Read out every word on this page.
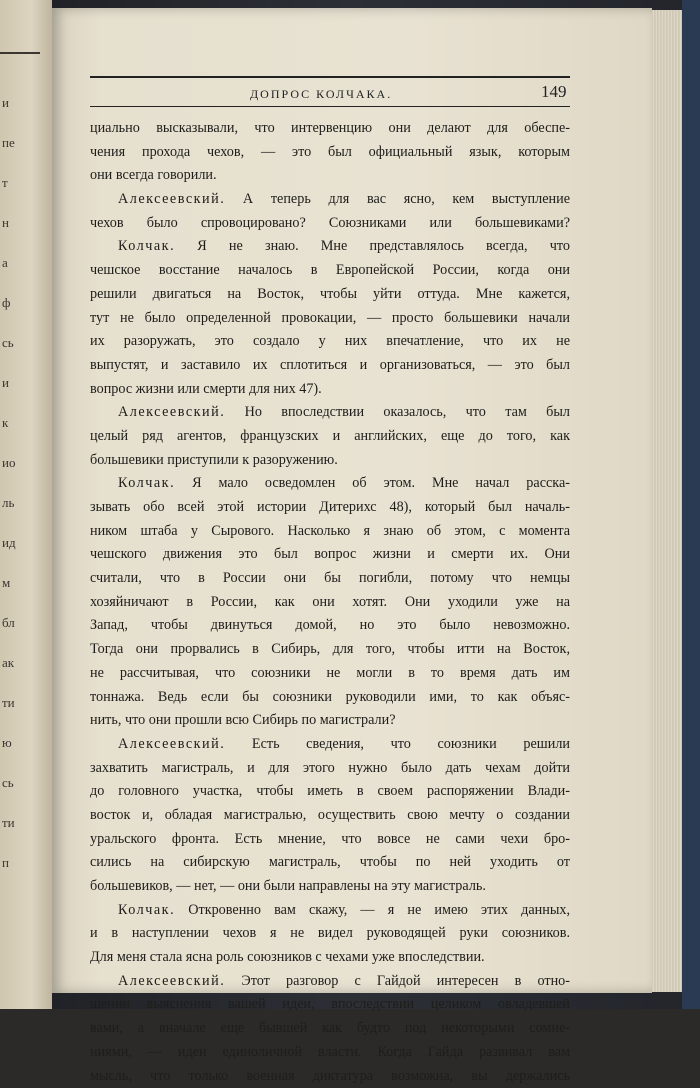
и
пе
т
н
а
ф
сь
и
к
ио
ль
ид
м
бл
ак
ти
ю
сь
ти
п
ДОПРОС КОЛЧАКА.	149
циально высказывали, что интервенцию они делают для обеспе-
чения прохода чехов, — это был официальный язык, которым
они всегда говорили.
Алексеевский. А теперь для вас ясно, кем выступление
чехов было спровоцировано? Союзниками или большевиками?
Колчак. Я не знаю. Мне представлялось всегда, что
чешское восстание началось в Европейской России, когда они
решили двигаться на Восток, чтобы уйти оттуда. Мне кажется,
тут не было определенной провокации, — просто большевики начали
их разоружать, это создало у них впечатление, что их не
выпустят, и заставило их сплотиться и организоваться, — это был
вопрос жизни или смерти для них 47).
Алексеевский. Но впоследствии оказалось, что там был
целый ряд агентов, французских и английских, еще до того, как
большевики приступили к разоружению.
Колчак. Я мало осведомлен об этом. Мне начал расска-
зывать обо всей этой истории Дитерихс 48), который был началь-
ником штаба у Сырового. Насколько я знаю об этом, с момента
чешского движения это был вопрос жизни и смерти их. Они
считали, что в России они бы погибли, потому что немцы
хозяйничают в России, как они хотят. Они уходили уже на
Запад, чтобы двинуться домой, но это было невозможно.
Тогда они прорвались в Сибирь, для того, чтобы итти на Восток,
не рассчитывая, что союзники не могли в то время дать им
тоннажа. Ведь если бы союзники руководили ими, то как объяс-
нить, что они прошли всю Сибирь по магистрали?
Алексеевский. Есть сведения, что союзники решили
захватить магистраль, и для этого нужно было дать чехам дойти
до головного участка, чтобы иметь в своем распоряжении Влади-
восток и, обладая магистралью, осуществить свою мечту о создании
уральского фронта. Есть мнение, что вовсе не сами чехи бро-
сились на сибирскую магистраль, чтобы по ней уходить от
большевиков, — нет, — они были направлены на эту магистраль.
Колчак. Откровенно вам скажу, — я не имею этих данных,
и в наступлении чехов я не видел руководящей руки союзников.
Для меня стала ясна роль союзников с чехами уже впоследствии.
Алексеевский. Этот разговор с Гайдой интересен в отно-
шении выяснения вашей идеи, впоследствии целиком овладевшей
вами, а вначале еще бывшей как будто под некоторыми сомне-
ниями, — идеи единоличной власти. Когда Гайда развивал вам
мысль, что только военная диктатура возможна, вы держались
